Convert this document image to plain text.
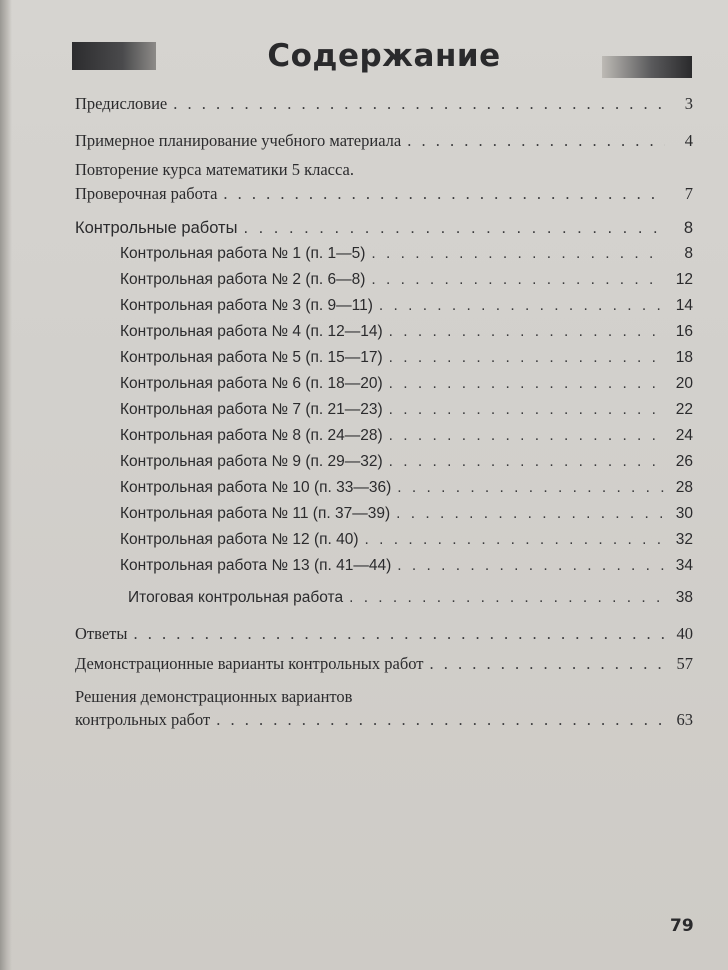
Содержание
Предисловие . . .	3
Примерное планирование учебного материала . . .	4
Повторение курса математики 5 класса.
Проверочная работа . . .	7
Контрольные работы . . .	8
Контрольная работа № 1 (п. 1—5) . . .	8
Контрольная работа № 2 (п. 6—8) . . .	12
Контрольная работа № 3 (п. 9—11) . . .	14
Контрольная работа № 4 (п. 12—14) . . .	16
Контрольная работа № 5 (п. 15—17) . . .	18
Контрольная работа № 6 (п. 18—20) . . .	20
Контрольная работа № 7 (п. 21—23) . . .	22
Контрольная работа № 8 (п. 24—28) . . .	24
Контрольная работа № 9 (п. 29—32) . . .	26
Контрольная работа № 10 (п. 33—36) . . .	28
Контрольная работа № 11 (п. 37—39) . . .	30
Контрольная работа № 12 (п. 40) . . .	32
Контрольная работа № 13 (п. 41—44) . . .	34
Итоговая контрольная работа . . .	38
Ответы . . .	40
Демонстрационные варианты контрольных работ . . .	57
Решения демонстрационных вариантов
контрольных работ . . .	63
79
